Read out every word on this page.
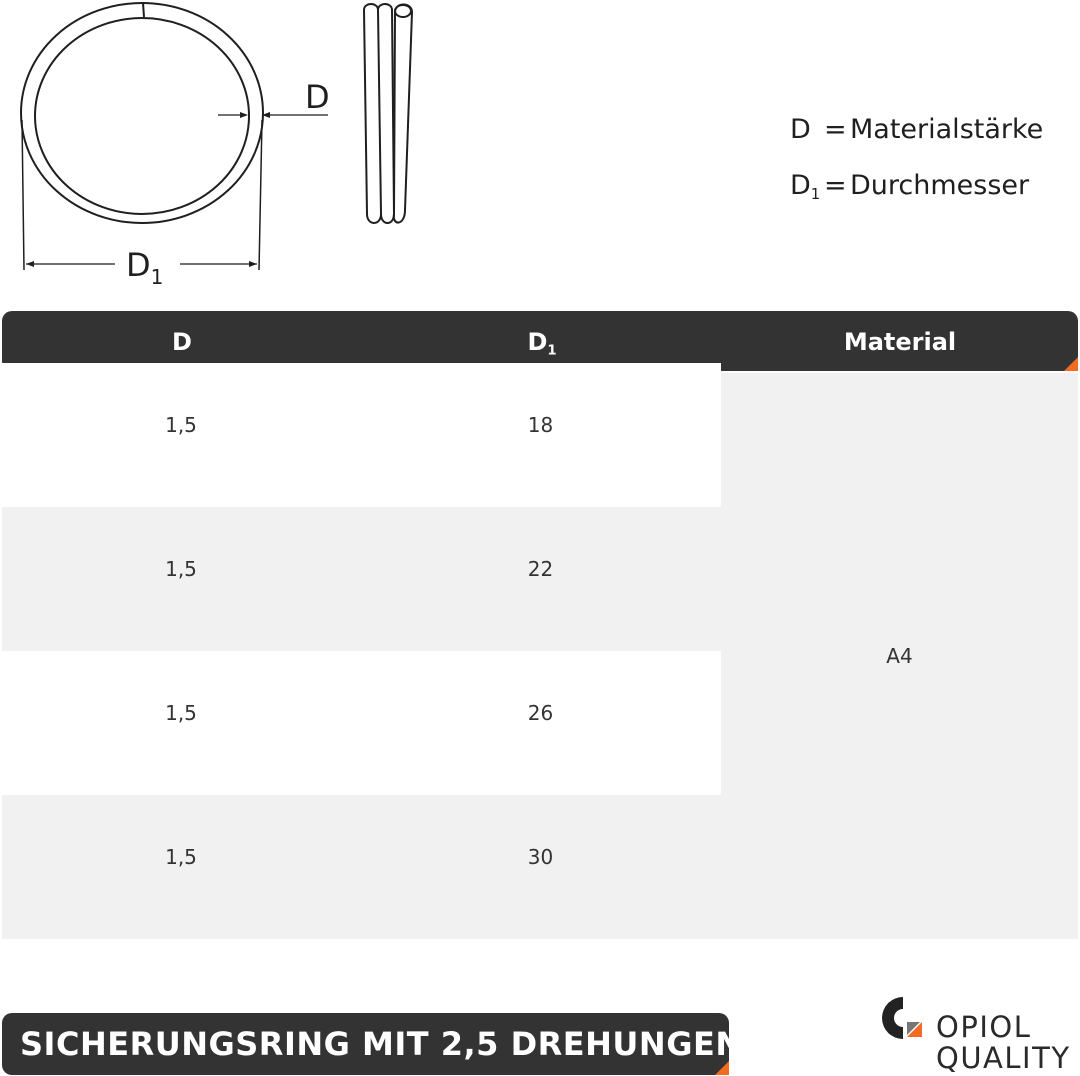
D
$D_1$
D = Materialstärke
$D_1$ = Durchmesser
D	$D_1$	Material
1,5	18
1,5	22
1,5	26
1,5	30
A4
SICHERUNGSRING MIT 2,5 DREHUNGEN	OPIOL
QUALITY
